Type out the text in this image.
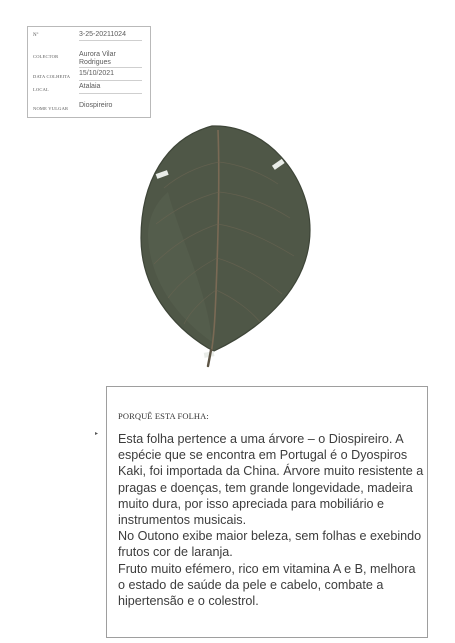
Nº	3-25-20211024
COLECTOR	Aurora Vilar Rodrigues
DATA COLHEITA 15/10/2021
LOCAL	Atalaia
NOME VULGAR Diospireiro
▸
PORQUÊ ESTA FOLHA:

Esta folha pertence a uma árvore – o Diospireiro. A espécie que se encontra em Portugal é o Dyospiros Kaki, foi importada da China. Árvore muito resistente a pragas e doenças, tem grande longevidade, madeira muito dura, por isso apreciada para mobiliário e instrumentos musicais.

No Outono exibe maior beleza, sem folhas e exebindo frutos cor de laranja.

Fruto muito efémero, rico em vitamina A e B, melhora o estado de saúde da pele e cabelo, combate a hipertensão e o colestrol.
